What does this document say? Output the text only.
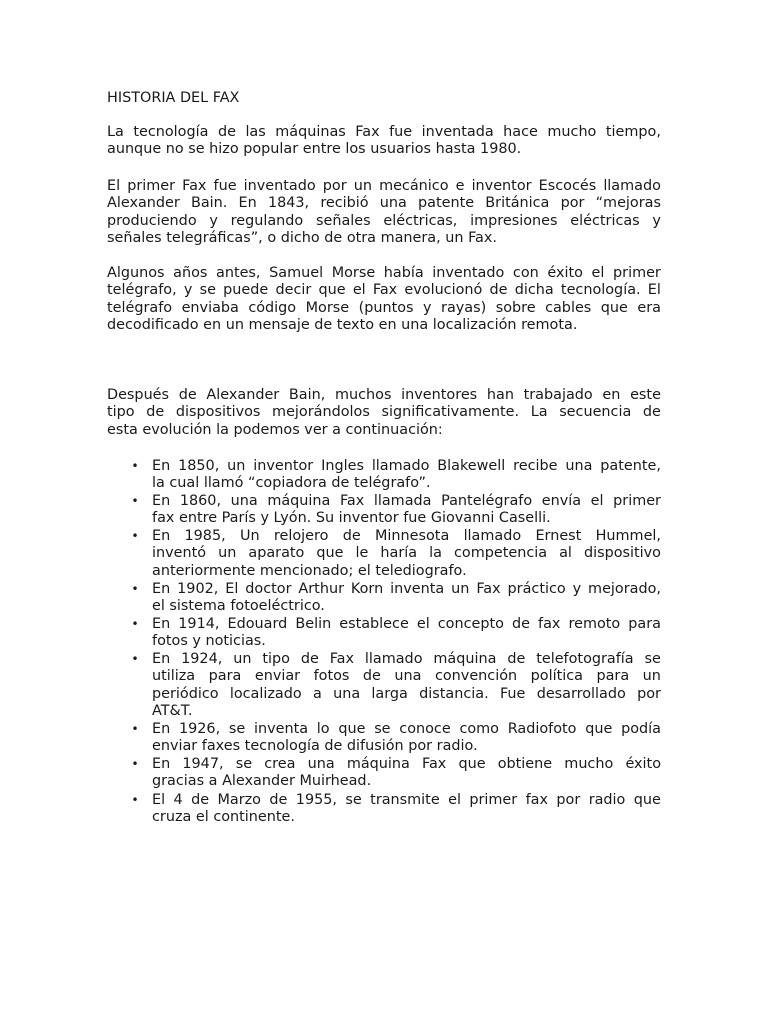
HISTORIA DEL FAX
La tecnología de las máquinas Fax fue inventada hace mucho tiempo,
aunque no se hizo popular entre los usuarios hasta 1980.
El primer Fax fue inventado por un mecánico e inventor Escocés llamado
Alexander Bain. En 1843, recibió una patente Británica por “mejoras
produciendo y regulando señales eléctricas, impresiones eléctricas y
señales telegráficas”, o dicho de otra manera, un Fax.
Algunos años antes, Samuel Morse había inventado con éxito el primer
telégrafo, y se puede decir que el Fax evolucionó de dicha tecnología. El
telégrafo enviaba código Morse (puntos y rayas) sobre cables que era
decodificado en un mensaje de texto en una localización remota.
Después de Alexander Bain, muchos inventores han trabajado en este
tipo de dispositivos mejorándolos significativamente. La secuencia de
esta evolución la podemos ver a continuación:
• En 1850, un inventor Ingles llamado Blakewell recibe una patente,
la cual llamó “copiadora de telégrafo”.
• En 1860, una máquina Fax llamada Pantelégrafo envía el primer
fax entre París y Lyón. Su inventor fue Giovanni Caselli.
• En 1985, Un relojero de Minnesota llamado Ernest Hummel,
inventó un aparato que le haría la competencia al dispositivo
anteriormente mencionado; el telediografo.
• En 1902, El doctor Arthur Korn inventa un Fax práctico y mejorado,
el sistema fotoeléctrico.
• En 1914, Edouard Belin establece el concepto de fax remoto para
fotos y noticias.
• En 1924, un tipo de Fax llamado máquina de telefotografía se
utiliza para enviar fotos de una convención política para un
periódico localizado a una larga distancia. Fue desarrollado por
AT&T.
• En 1926, se inventa lo que se conoce como Radiofoto que podía
enviar faxes tecnología de difusión por radio.
• En 1947, se crea una máquina Fax que obtiene mucho éxito
gracias a Alexander Muirhead.
• El 4 de Marzo de 1955, se transmite el primer fax por radio que
cruza el continente.
